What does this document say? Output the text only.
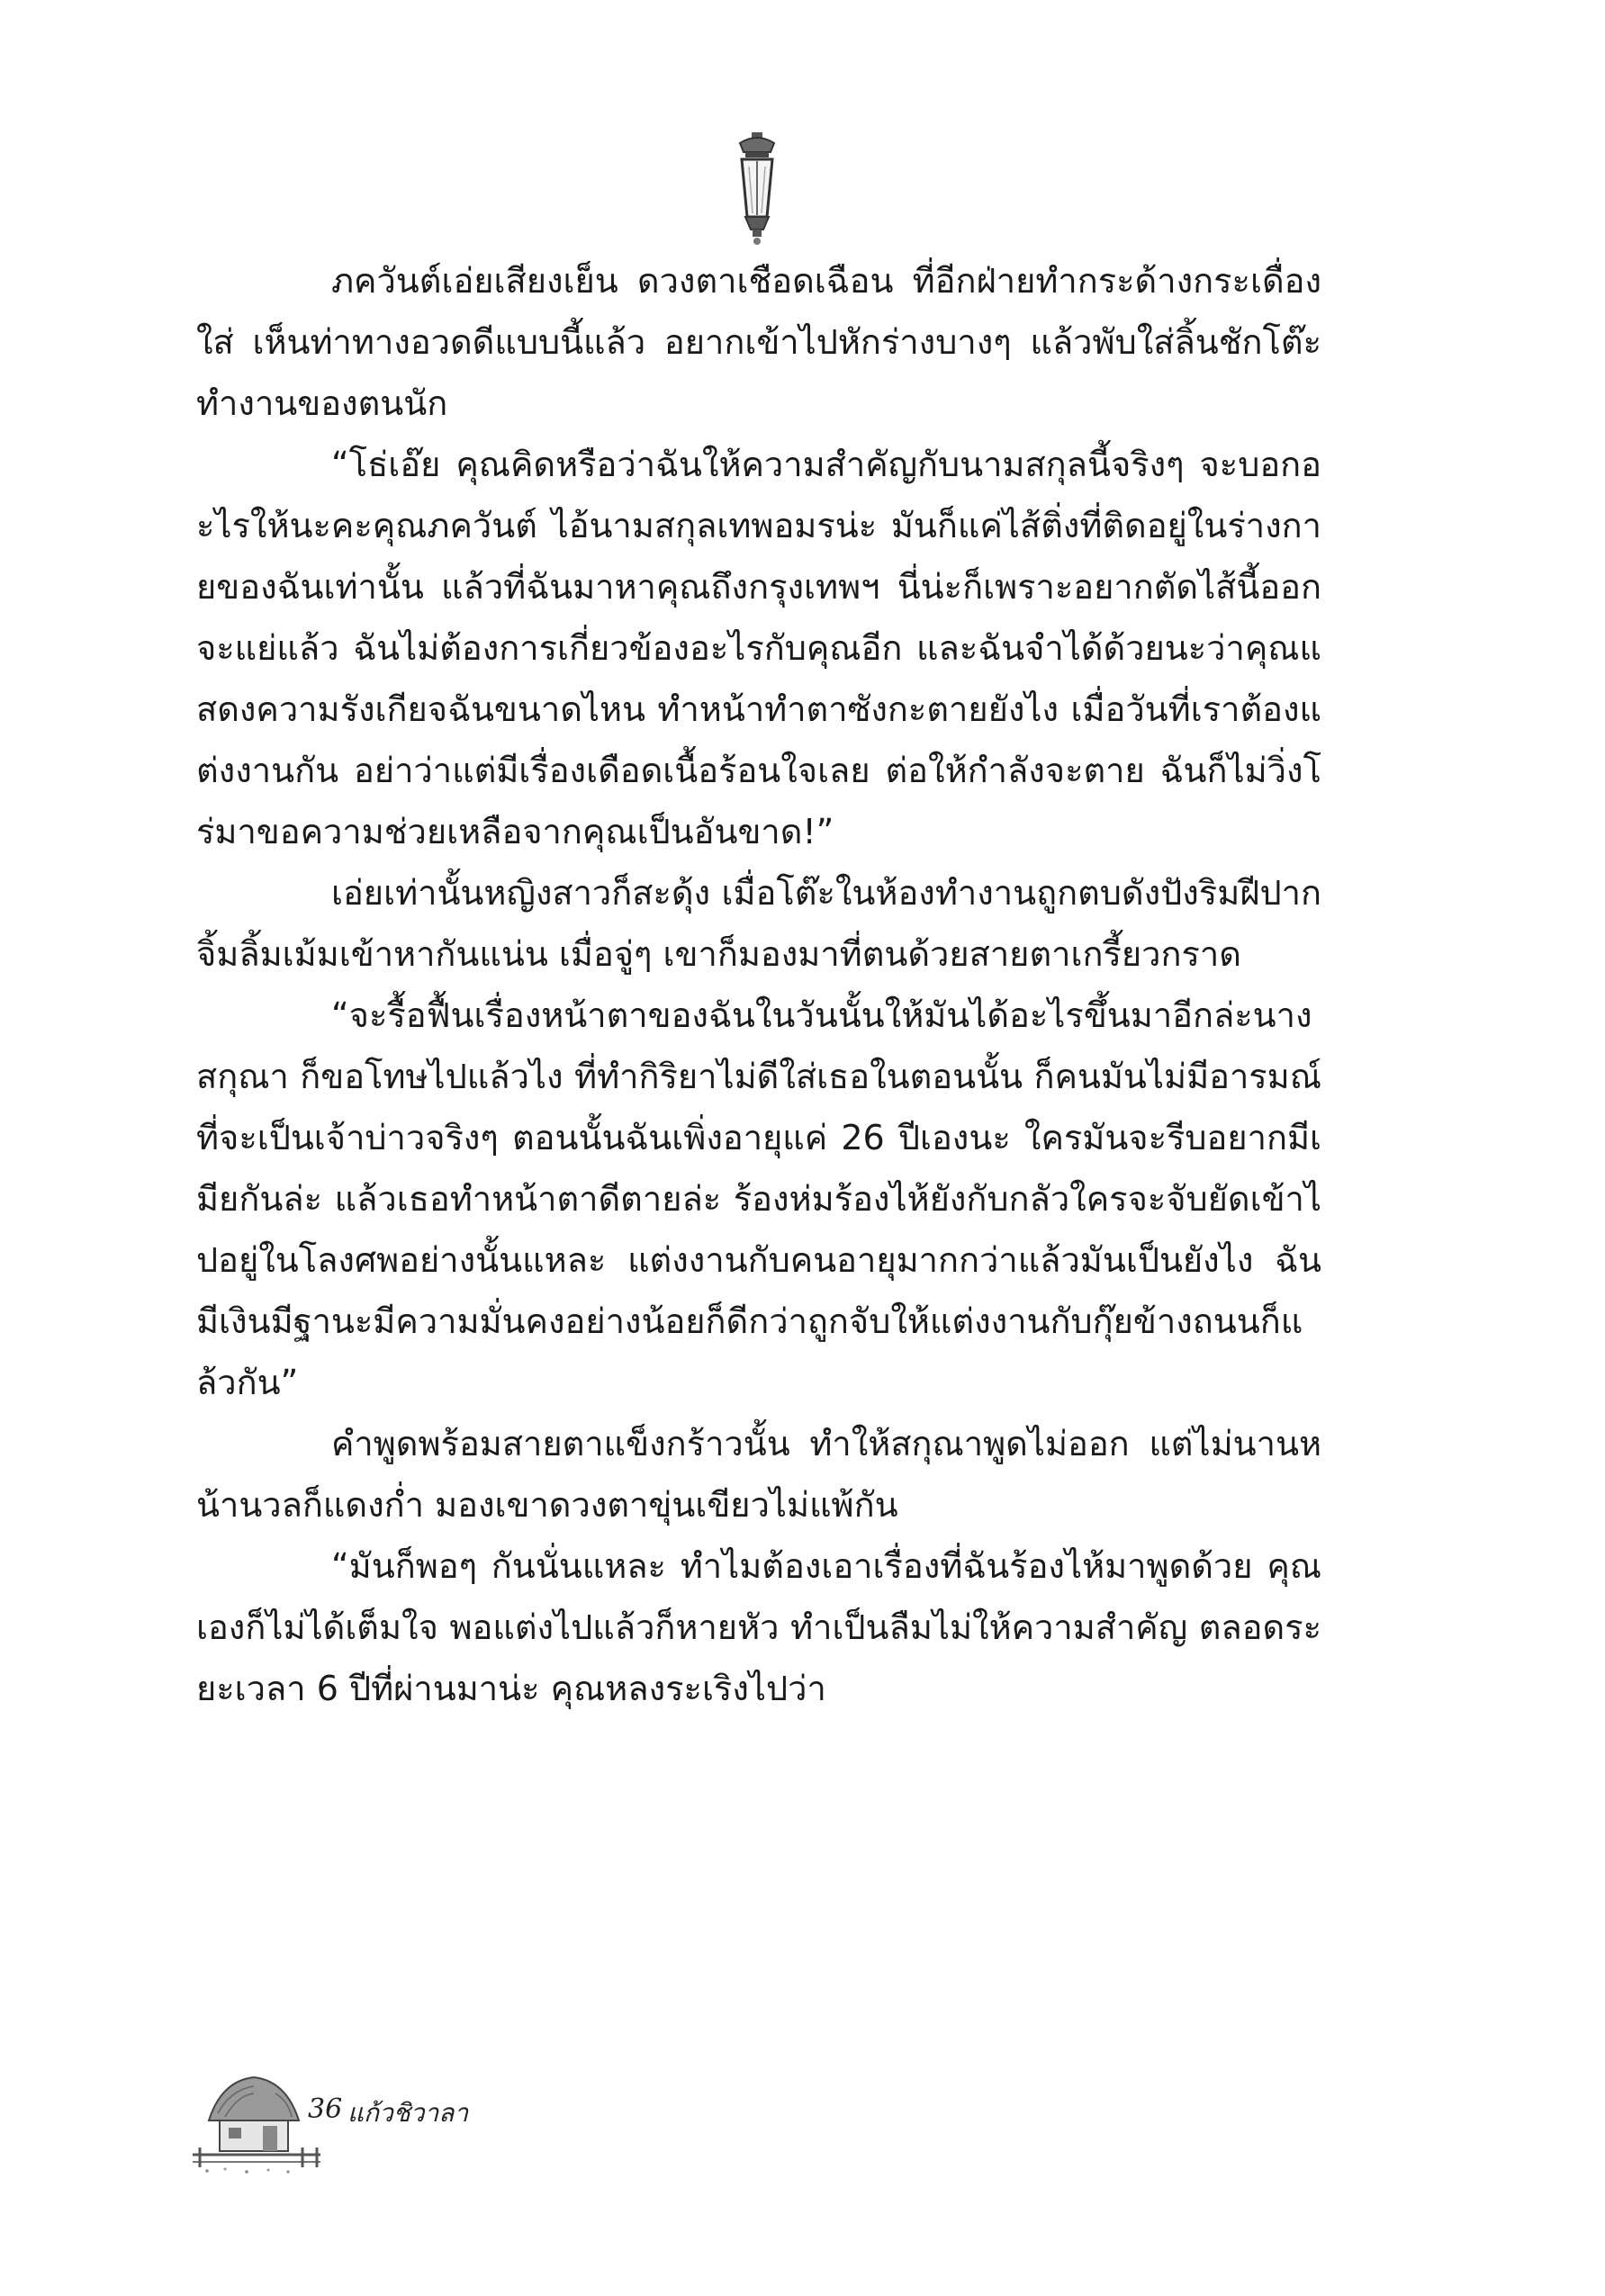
ภควันต์เอ่ยเสียงเย็น ดวงตาเชือดเฉือน ที่อีกฝ่ายทำกระด้างกระเดื่องใส่ เห็นท่าทางอวดดีแบบนี้แล้ว อยากเข้าไปหักร่างบางๆ แล้วพับใส่ลิ้นชักโต๊ะทำงานของตนนัก

“โธ่เอ๊ย คุณคิดหรือว่าฉันให้ความสำคัญกับนามสกุลนี้จริงๆ จะบอกอะไรให้นะคะคุณภควันต์ ไอ้นามสกุลเทพอมรน่ะ มันก็แค่ไส้ติ่งที่ติดอยู่ในร่างกายของฉันเท่านั้น แล้วที่ฉันมาหาคุณถึงกรุงเทพฯ นี่น่ะก็เพราะอยากตัดไส้นี้ออกจะแย่แล้ว ฉันไม่ต้องการเกี่ยวข้องอะไรกับคุณอีก และฉันจำได้ด้วยนะว่าคุณแสดงความรังเกียจฉันขนาดไหน ทำหน้าทำตาซังกะตายยังไง เมื่อวันที่เราต้องแต่งงานกัน อย่าว่าแต่มีเรื่องเดือดเนื้อร้อนใจเลย ต่อให้กำลังจะตาย ฉันก็ไม่วิ่งโร่มาขอความช่วยเหลือจากคุณเป็นอันขาด!”

เอ่ยเท่านั้นหญิงสาวก็สะดุ้ง เมื่อโต๊ะในห้องทำงานถูกตบดังปังริมฝีปากจิ้มลิ้มเม้มเข้าหากันแน่น เมื่อจู่ๆ เขาก็มองมาที่ตนด้วยสายตาเกรี้ยวกราด

“จะรื้อฟื้นเรื่องหน้าตาของฉันในวันนั้นให้มันได้อะไรขึ้นมาอีกล่ะนางสกุณา ก็ขอโทษไปแล้วไง ที่ทำกิริยาไม่ดีใส่เธอในตอนนั้น ก็คนมันไม่มีอารมณ์ที่จะเป็นเจ้าบ่าวจริงๆ ตอนนั้นฉันเพิ่งอายุแค่ 26 ปีเองนะ ใครมันจะรีบอยากมีเมียกันล่ะ แล้วเธอทำหน้าตาดีตายล่ะ ร้องห่มร้องไห้ยังกับกลัวใครจะจับยัดเข้าไปอยู่ในโลงศพอย่างนั้นแหละ แต่งงานกับคนอายุมากกว่าแล้วมันเป็นยังไง ฉันมีเงินมีฐานะมีความมั่นคงอย่างน้อยก็ดีกว่าถูกจับให้แต่งงานกับกุ๊ยข้างถนนก็แล้วกัน”

คำพูดพร้อมสายตาแข็งกร้าวนั้น ทำให้สกุณาพูดไม่ออก แต่ไม่นานหน้านวลก็แดงก่ำ มองเขาดวงตาขุ่นเขียวไม่แพ้กัน

“มันก็พอๆ กันนั่นแหละ ทำไมต้องเอาเรื่องที่ฉันร้องไห้มาพูดด้วย คุณเองก็ไม่ได้เต็มใจ พอแต่งไปแล้วก็หายหัว ทำเป็นลืมไม่ให้ความสำคัญ ตลอดระยะเวลา 6 ปีที่ผ่านมาน่ะ คุณหลงระเริงไปว่า

36 แก้วชิวาลา
